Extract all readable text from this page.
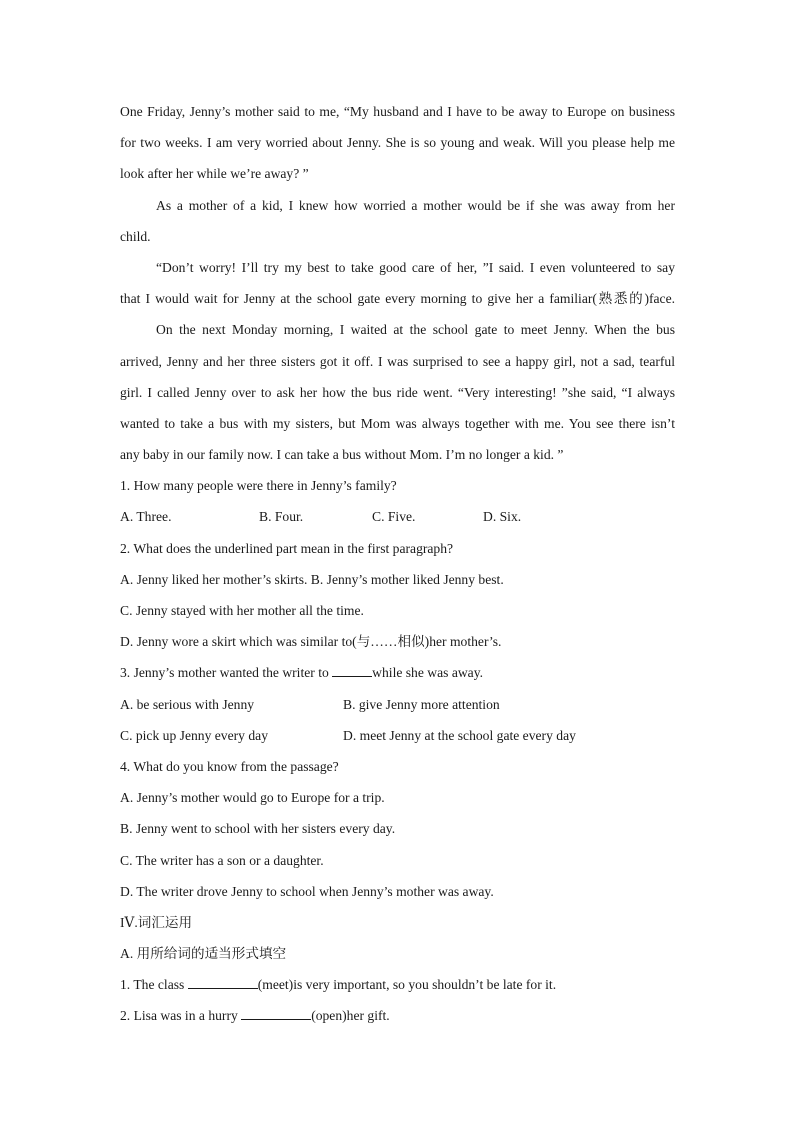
One Friday, Jenny’s mother said to me, “My husband and I have to be away to Europe on business
for two weeks. I am very worried about Jenny. She is so young and weak. Will you please help me
look after her while we’re away? ”
As a mother of a kid, I knew how worried a mother would be if she was away from her
child.
“Don’t worry! I’ll try my best to take good care of her, ”I said. I even volunteered to say
that I would wait for Jenny at the school gate every morning to give her a familiar(熟悉的)face.
On the next Monday morning, I waited at the school gate to meet Jenny. When the bus
arrived, Jenny and her three sisters got it off. I was surprised to see a happy girl, not a sad, tearful
girl. I called Jenny over to ask her how the bus ride went. “Very interesting! ”she said, “I always
wanted to take a bus with my sisters, but Mom was always together with me. You see there isn’t
any baby in our family now. I can take a bus without Mom. I’m no longer a kid. ”
1. How many people were there in Jenny’s family?
A. Three.	B. Four.	C. Five.	D. Six.
2. What does the underlined part mean in the first paragraph?
A. Jenny liked her mother’s skirts. B. Jenny’s mother liked Jenny best.
C. Jenny stayed with her mother all the time.
D. Jenny wore a skirt which was similar to(与……相似)her mother’s.
3. Jenny’s mother wanted the writer to	while she was away.
A. be serious with Jenny	B. give Jenny more attention
C. pick up Jenny every day	D. meet Jenny at the school gate every day
4. What do you know from the passage?
A. Jenny’s mother would go to Europe for a trip.
B. Jenny went to school with her sisters every day.
C. The writer has a son or a daughter.
D. The writer drove Jenny to school when Jenny’s mother was away.
IⅤ.词汇运用
A. 用所给词的适当形式填空
1. The class	(meet)is very important, so you shouldn’t be late for it.
2. Lisa was in a hurry	(open)her gift.
